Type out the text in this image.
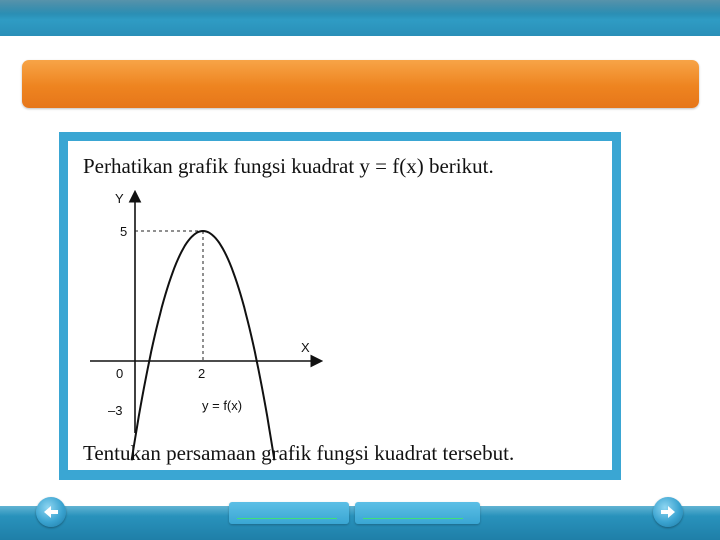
Perhatikan grafik fungsi kuadrat y = f(x) berikut.
Y
X
5
0	2
–3	y = f(x)
Tentukan persamaan grafik fungsi kuadrat tersebut.
